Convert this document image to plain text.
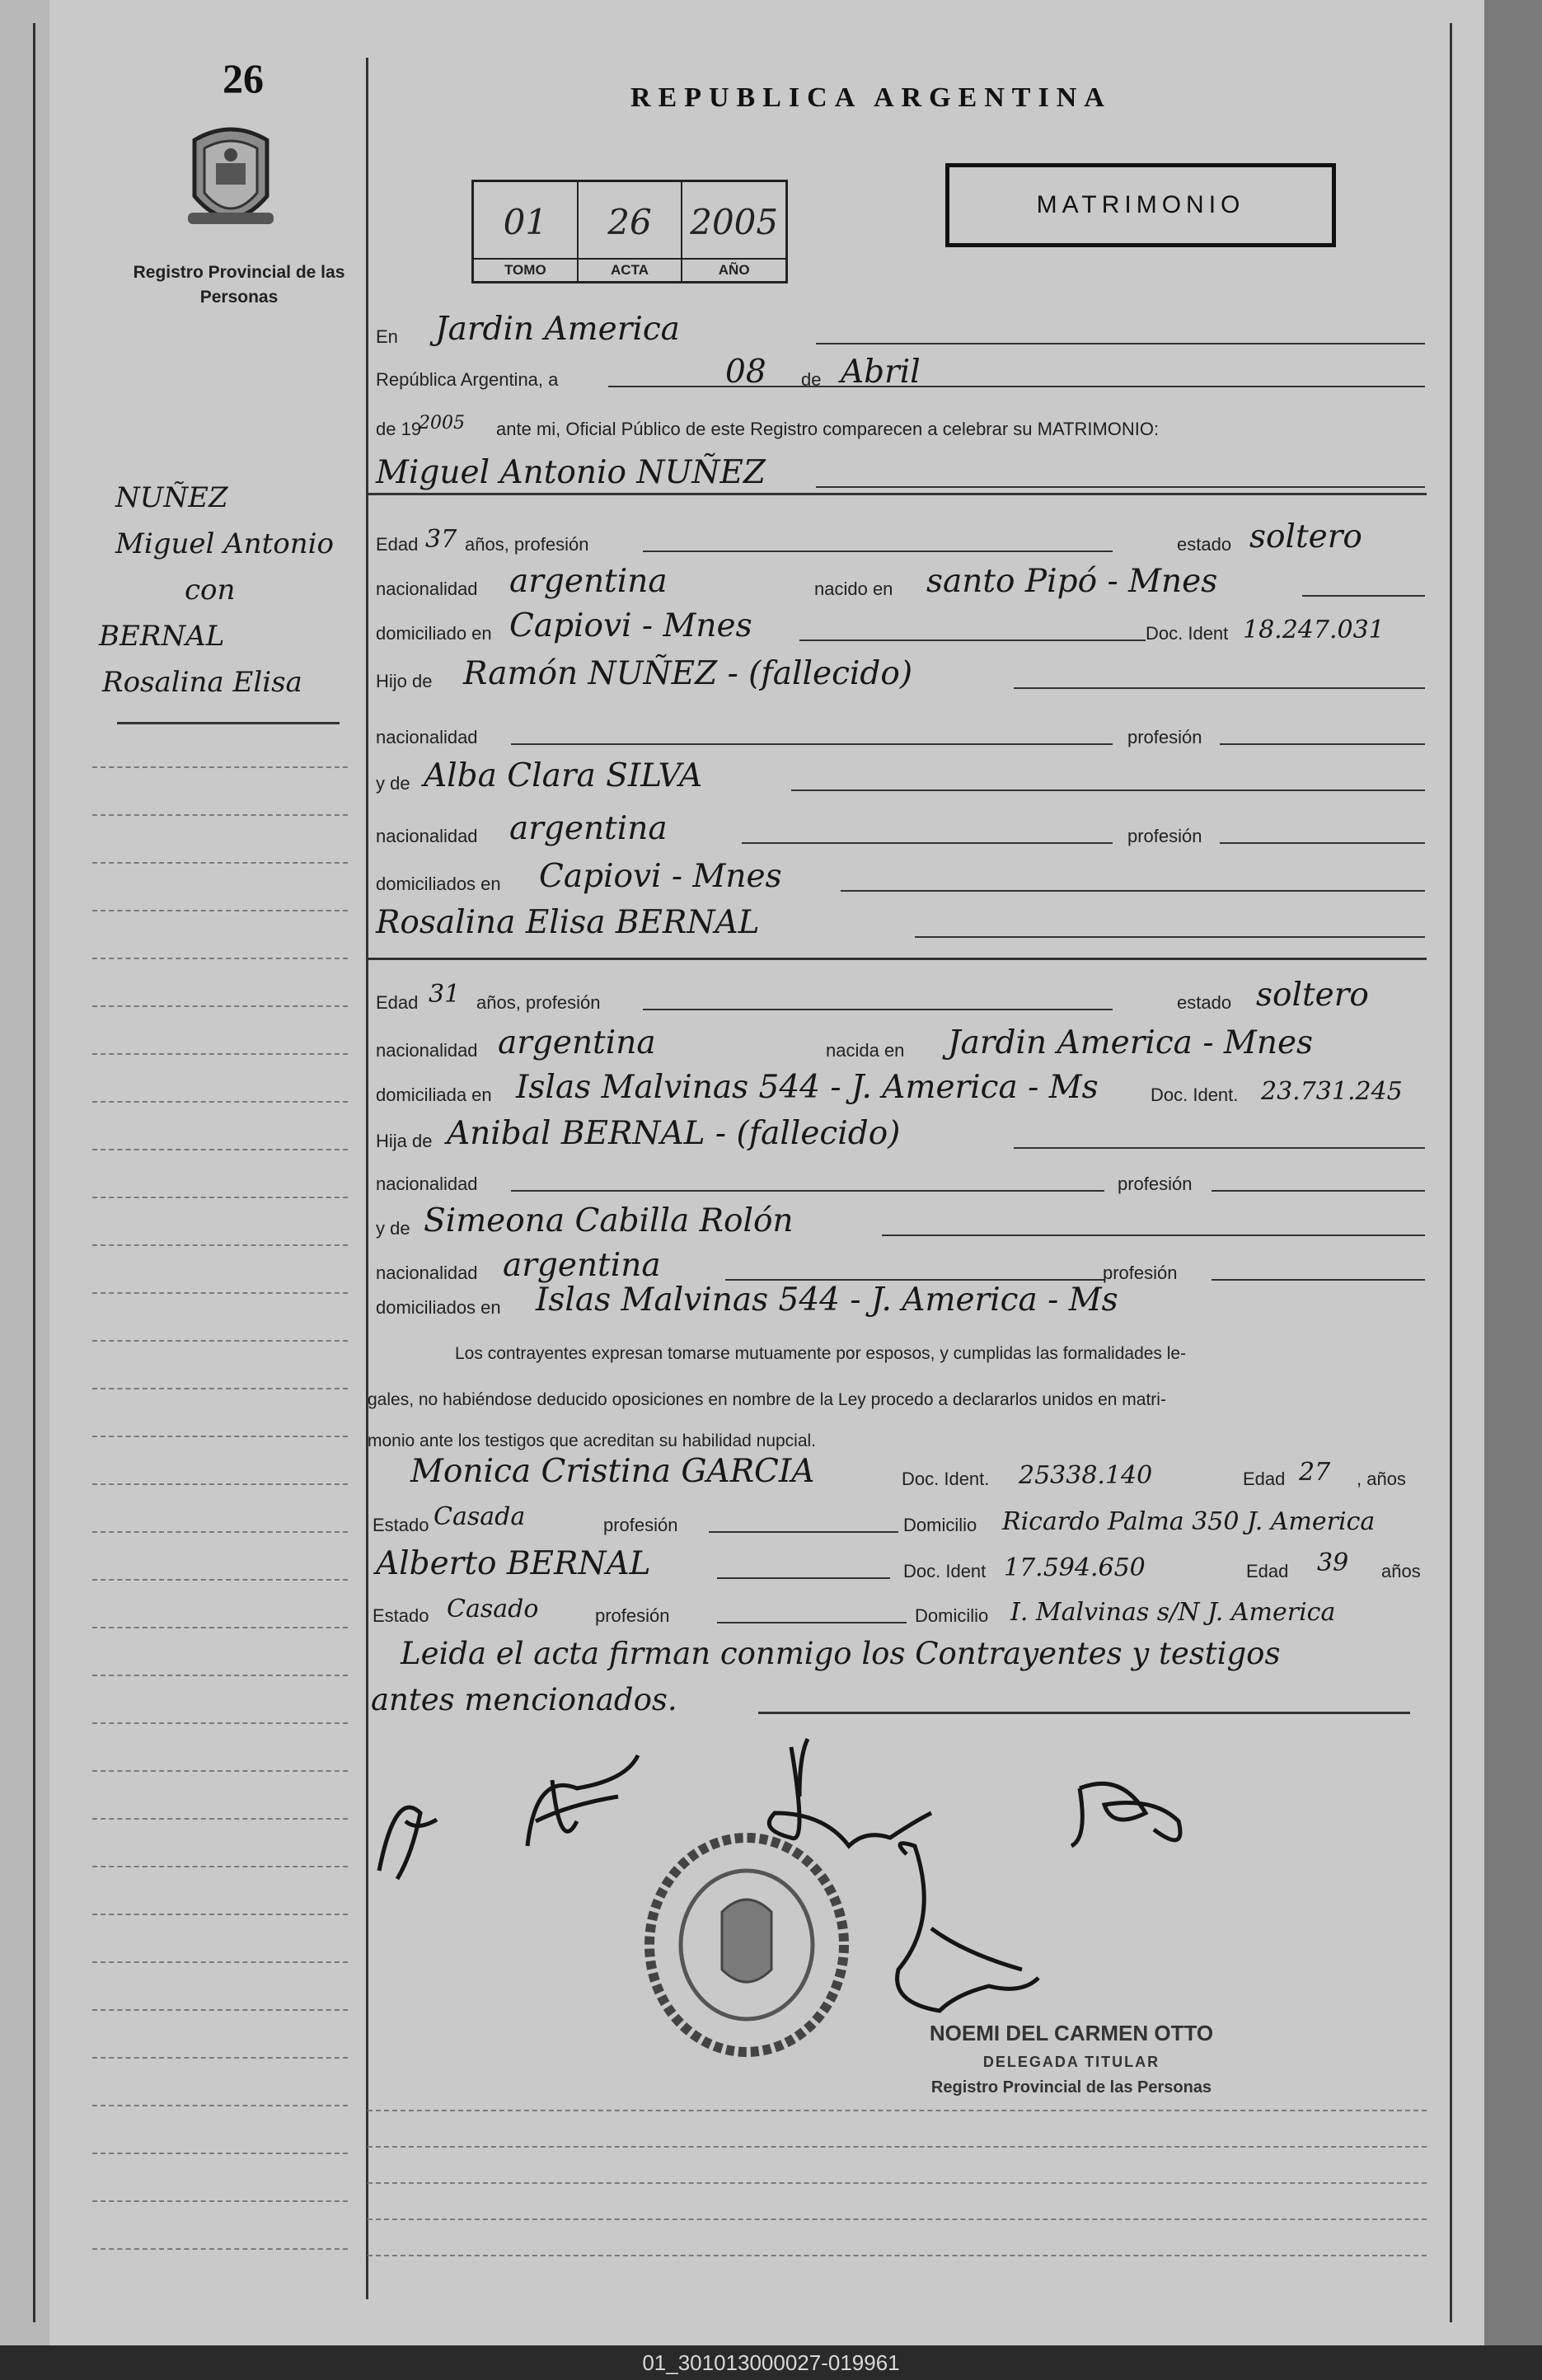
26
Registro Provincial de las Personas
REPUBLICA ARGENTINA
01
TOMO
26
ACTA
2005
AÑO
MATRIMONIO
NUÑEZ
Miguel Antonio
con
BERNAL
Rosalina Elisa
En Jardin America
República Argentina, a	08 de Abril
de 19
2005 ante mi, Oficial Público de este Registro comparecen a celebrar su MATRIMONIO:
Miguel Antonio NUÑEZ
Edad 37 años, profesión	estado soltero
nacionalidad argentina	nacido en santo Pipó - Mnes
domiciliado en Capiovi - Mnes	Doc. Ident 18.247.031
Hijo de Ramón NUÑEZ - (fallecido)
nacionalidad	profesión
y de Alba Clara SILVA
nacionalidad argentina	profesión
domiciliados en Capiovi - Mnes
Rosalina Elisa BERNAL
Edad 31 años, profesión	estado soltero
nacionalidad argentina	nacida en Jardin America - Mnes
domiciliada en Islas Malvinas 544 - J. America - Ms	Doc. Ident. 23.731.245
Hija de Anibal BERNAL - (fallecido)
nacionalidad	profesión
y de Simeona Cabilla Rolón
nacionalidad argentina	profesión
domiciliados en Islas Malvinas 544 - J. America - Ms
Los contrayentes expresan tomarse mutuamente por esposos, y cumplidas las formalidades le-
gales, no habiéndose deducido oposiciones en nombre de la Ley procedo a declararlos unidos en matri-
monio ante los testigos que acreditan su habilidad nupcial.
Monica Cristina GARCIA	Doc. Ident. 25338.140	Edad 27 , años
Estado Casada	profesión	Domicilio Ricardo Palma 350 J. America
Alberto BERNAL	Doc. Ident 17.594.650	Edad 39 años
Estado Casado	profesión	Domicilio I. Malvinas s/N J. America
Leida el acta firman conmigo los Contrayentes y testigos
antes mencionados.
NOEMI DEL CARMEN OTTO
DELEGADA TITULAR
Registro Provincial de las Personas
01_301013000027-019961
